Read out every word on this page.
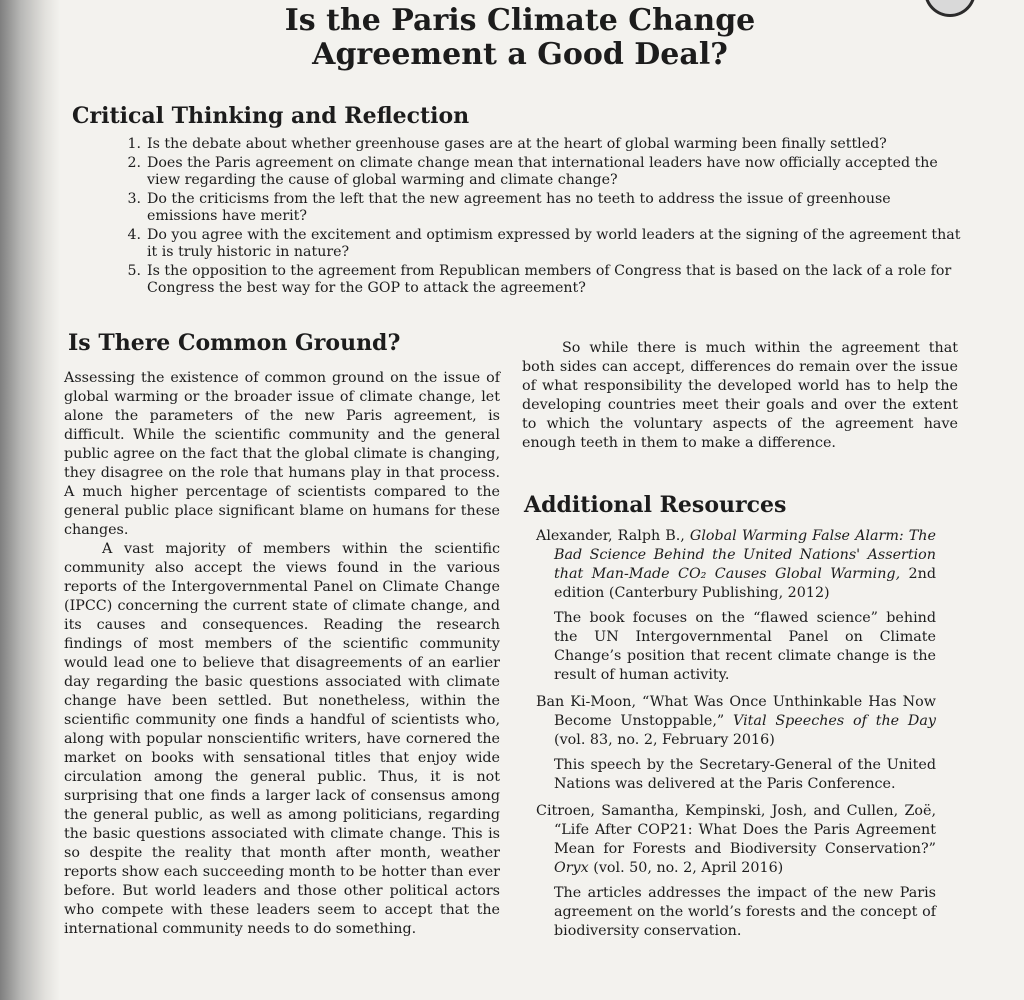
Is the Paris Climate Change
Agreement a Good Deal?
Critical Thinking and Reflection
1. Is the debate about whether greenhouse gases are at the heart of global warming been finally settled?
2. Does the Paris agreement on climate change mean that international leaders have now officially accepted the view regarding the cause of global warming and climate change?
3. Do the criticisms from the left that the new agreement has no teeth to address the issue of greenhouse emissions have merit?
4. Do you agree with the excitement and optimism expressed by world leaders at the signing of the agreement that it is truly historic in nature?
5. Is the opposition to the agreement from Republican members of Congress that is based on the lack of a role for Congress the best way for the GOP to attack the agreement?
Is There Common Ground?

Assessing the existence of common ground on the issue of global warming or the broader issue of climate change, let alone the parameters of the new Paris agreement, is difficult. While the scientific community and the general public agree on the fact that the global climate is changing, they disagree on the role that humans play in that process. A much higher percentage of scientists compared to the general public place significant blame on humans for these changes.

A vast majority of members within the scientific community also accept the views found in the various reports of the Intergovernmental Panel on Climate Change (IPCC) concerning the current state of climate change, and its causes and consequences. Reading the research findings of most members of the scientific community would lead one to believe that disagreements of an earlier day regarding the basic questions associated with climate change have been settled. But nonetheless, within the scientific community one finds a handful of scientists who, along with popular nonscientific writers, have cornered the market on books with sensational titles that enjoy wide circulation among the general public. Thus, it is not surprising that one finds a larger lack of consensus among the general public, as well as among politicians, regarding the basic questions associated with climate change. This is so despite the reality that month after month, weather reports show each succeeding month to be hotter than ever before. But world leaders and those other political actors who compete with these leaders seem to accept that the international community needs to do something.

So while there is much within the agreement that both sides can accept, differences do remain over the issue of what responsibility the developed world has to help the developing countries meet their goals and over the extent to which the voluntary aspects of the agreement have enough teeth in them to make a difference.

Additional Resources

Alexander, Ralph B., Global Warming False Alarm: The Bad Science Behind the United Nations' Assertion that Man-Made CO₂ Causes Global Warming, 2nd edition (Canterbury Publishing, 2012)

The book focuses on the “flawed science” behind the UN Intergovernmental Panel on Climate Change’s position that recent climate change is the result of human activity.

Ban Ki-Moon, “What Was Once Unthinkable Has Now Become Unstoppable,” Vital Speeches of the Day (vol. 83, no. 2, February 2016)

This speech by the Secretary-General of the United Nations was delivered at the Paris Conference.

Citroen, Samantha, Kempinski, Josh, and Cullen, Zoë, “Life After COP21: What Does the Paris Agreement Mean for Forests and Biodiversity Conservation?” Oryx (vol. 50, no. 2, April 2016)

The articles addresses the impact of the new Paris agreement on the world’s forests and the concept of biodiversity conservation.
